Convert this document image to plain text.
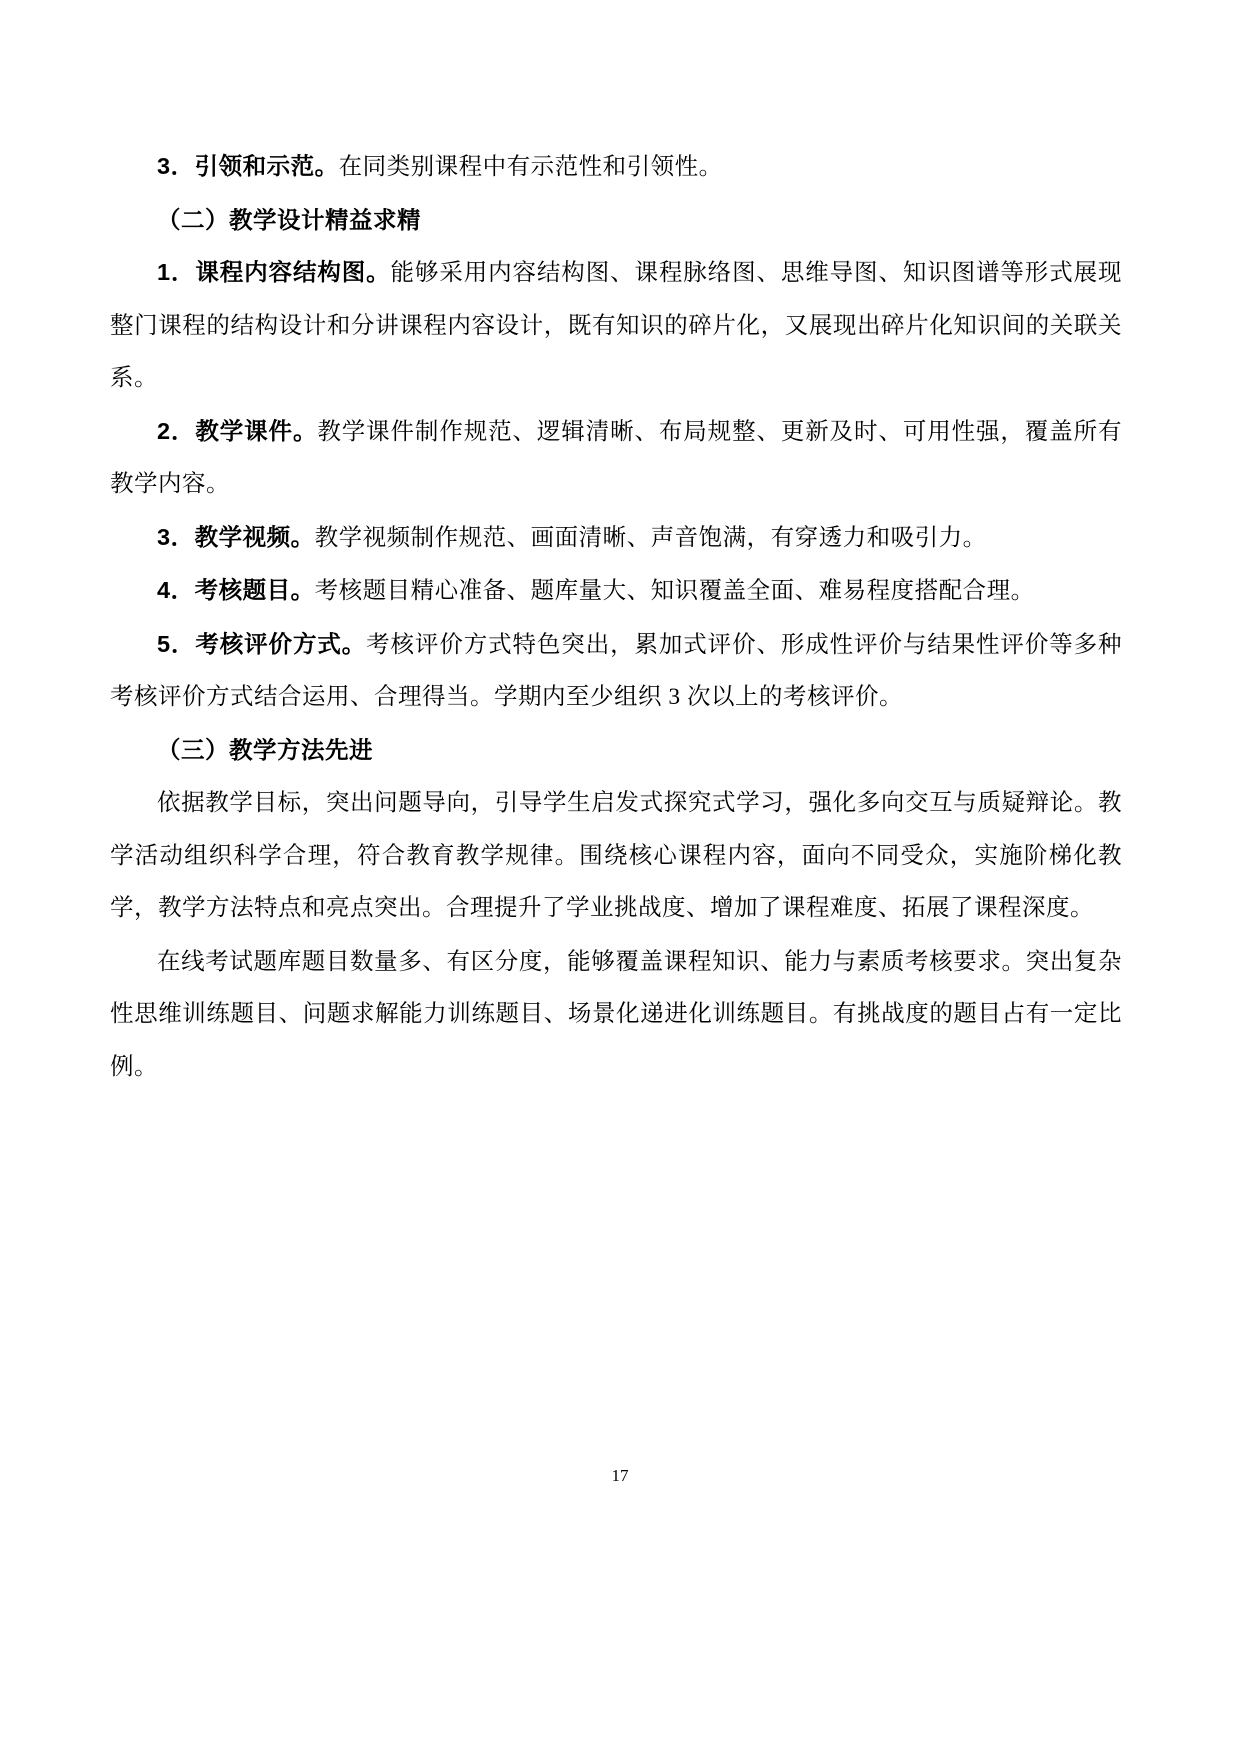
3．引领和示范。在同类别课程中有示范性和引领性。

（二）教学设计精益求精

1．课程内容结构图。能够采用内容结构图、课程脉络图、思维导图、知识图谱等形式展现整门课程的结构设计和分讲课程内容设计，既有知识的碎片化，又展现出碎片化知识间的关联关系。

2．教学课件。教学课件制作规范、逻辑清晰、布局规整、更新及时、可用性强，覆盖所有教学内容。

3．教学视频。教学视频制作规范、画面清晰、声音饱满，有穿透力和吸引力。

4．考核题目。考核题目精心准备、题库量大、知识覆盖全面、难易程度搭配合理。

5．考核评价方式。考核评价方式特色突出，累加式评价、形成性评价与结果性评价等多种考核评价方式结合运用、合理得当。学期内至少组织 3 次以上的考核评价。

（三）教学方法先进

依据教学目标，突出问题导向，引导学生启发式探究式学习，强化多向交互与质疑辩论。教学活动组织科学合理，符合教育教学规律。围绕核心课程内容，面向不同受众，实施阶梯化教学，教学方法特点和亮点突出。合理提升了学业挑战度、增加了课程难度、拓展了课程深度。

在线考试题库题目数量多、有区分度，能够覆盖课程知识、能力与素质考核要求。突出复杂性思维训练题目、问题求解能力训练题目、场景化递进化训练题目。有挑战度的题目占有一定比例。

17
